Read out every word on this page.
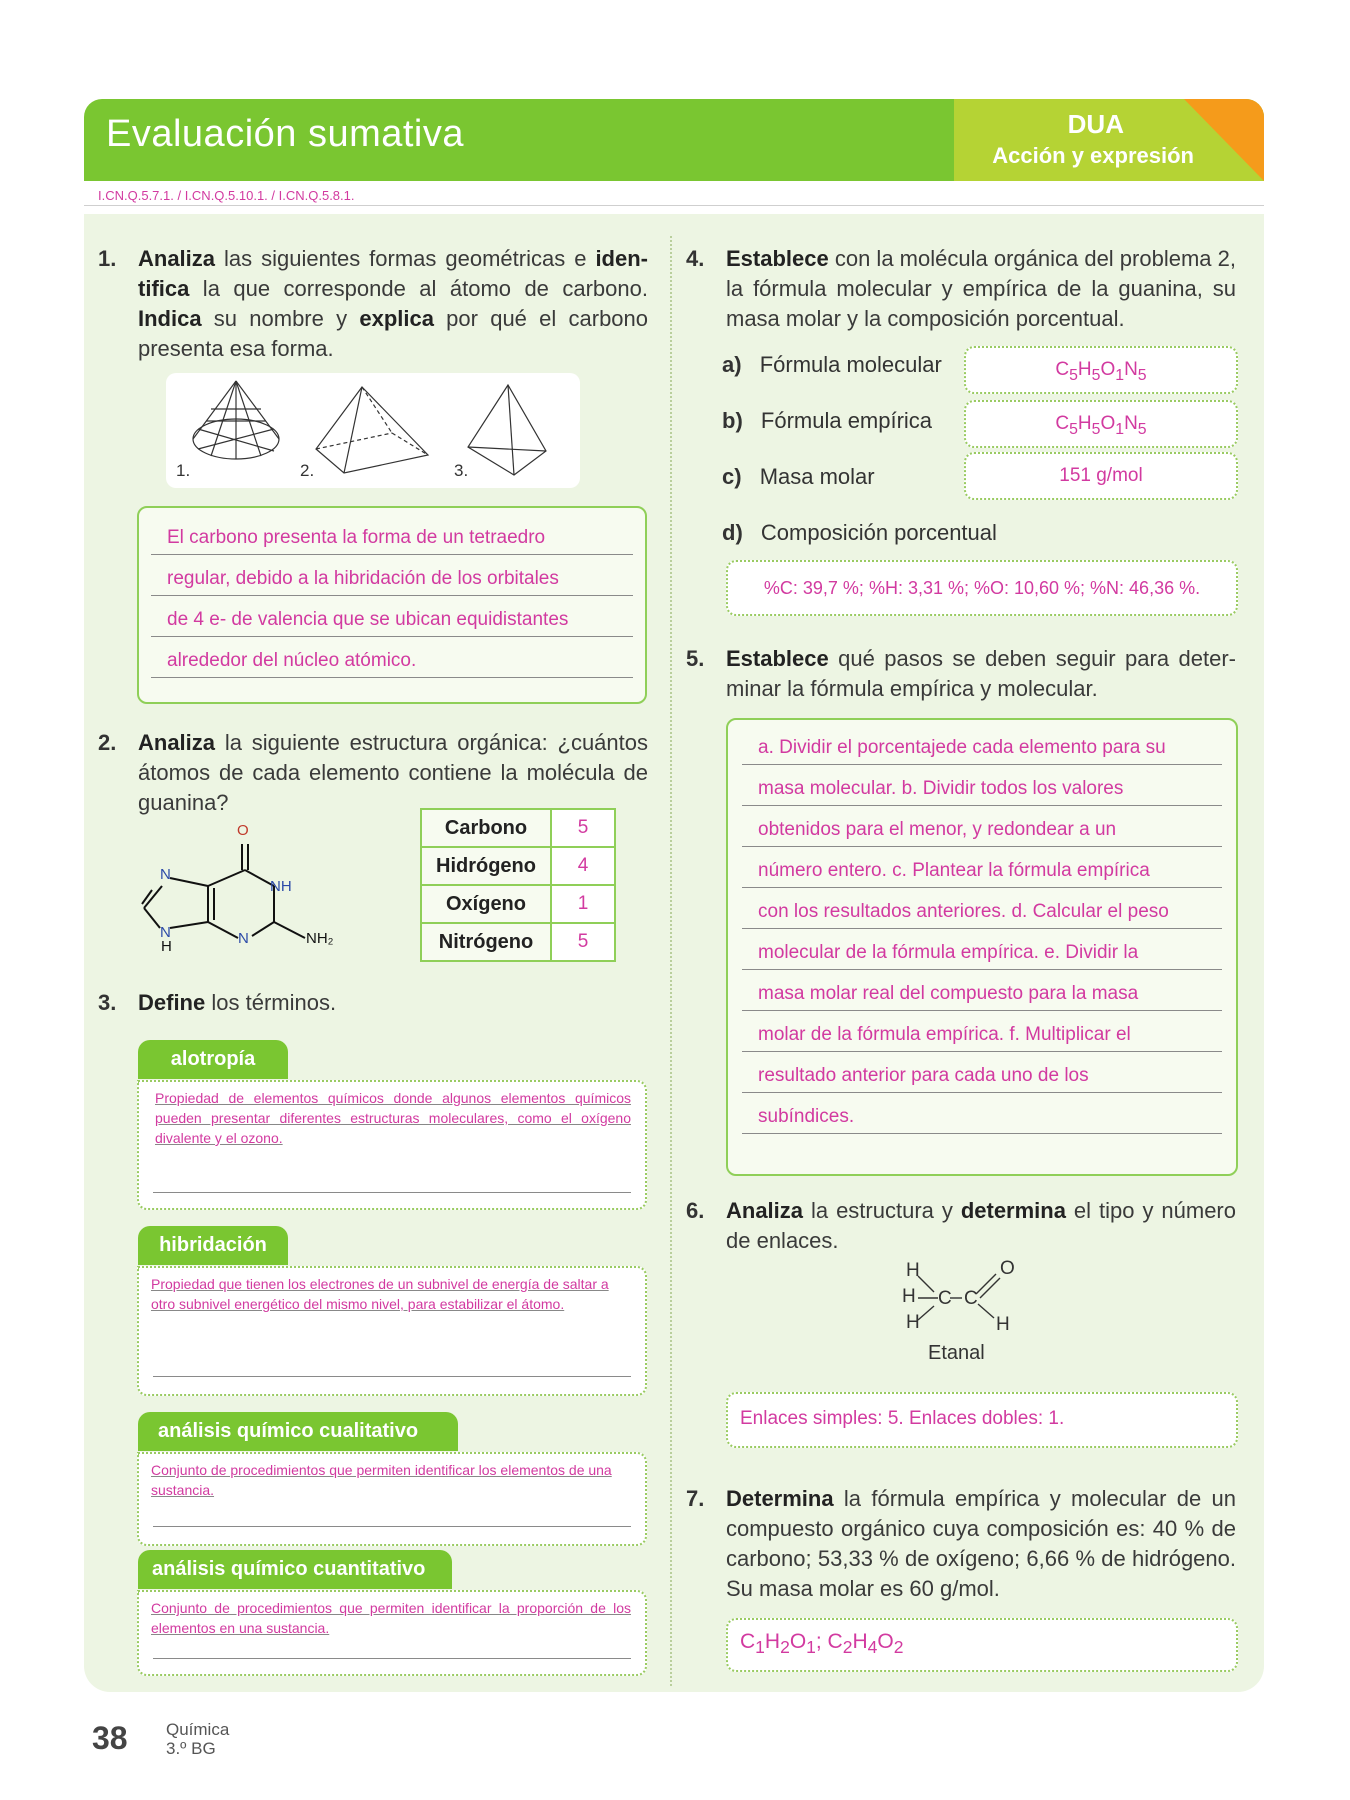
Evaluación sumativa	DUA
Acción y expresión
I.CN.Q.5.7.1. / I.CN.Q.5.10.1. / I.CN.Q.5.8.1.
1. Analiza las siguientes formas geométricas e identifica la que corresponde al átomo de carbono. Indica su nombre y explica por qué el carbono presenta esa forma.
1.	2.	3.
El carbono presenta la forma de un tetraedro
regular, debido a la hibridación de los orbitales
de 4 e- de valencia que se ubican equidistantes
alrededor del núcleo atómico.
2. Analiza la siguiente estructura orgánica: ¿cuántos átomos de cada elemento contiene la molécula de guanina?
O
N
NH
N
H	N	NH₂
Carbono	5
Hidrógeno	4
Oxígeno	1
Nitrógeno	5
3. Define los términos.
alotropía
Propiedad de elementos químicos donde algunos elementos químicos pueden presentar diferentes estructuras moleculares, como el oxígeno divalente y el ozono.
hibridación
Propiedad que tienen los electrones de un subnivel de energía de saltar a otro subnivel energético del mismo nivel, para estabilizar el átomo.
análisis químico cualitativo
Conjunto de procedimientos que permiten identificar los elementos de una sustancia.
análisis químico cuantitativo
Conjunto de procedimientos que permiten identificar la proporción de los elementos en una sustancia.
4. Establece con la molécula orgánica del problema 2, la fórmula molecular y empírica de la guanina, su masa molar y la composición porcentual.
a) Fórmula molecular	$C_5H_5O_1N_5$
b) Fórmula empírica	$C_5H_5O_1N_5$
c) Masa molar	151 g/mol
d) Composición porcentual
%C: 39,7 %; %H: 3,31 %; %O: 10,60 %; %N: 46,36 %.
5. Establece qué pasos se deben seguir para determinar la fórmula empírica y molecular.
a. Dividir el porcentajede cada elemento para su
masa molecular. b. Dividir todos los valores
obtenidos para el menor, y redondear a un
número entero. c. Plantear la fórmula empírica
con los resultados anteriores. d. Calcular el peso
molecular de la fórmula empírica. e. Dividir la
masa molar real del compuesto para la masa
molar de la fórmula empírica. f. Multiplicar el
resultado anterior para cada uno de los
subíndices.
6. Analiza la estructura y determina el tipo y número de enlaces.
H
H
H
C C
O
H
Etanal
Enlaces simples: 5. Enlaces dobles: 1.
7. Determina la fórmula empírica y molecular de un compuesto orgánico cuya composición es: 40 % de carbono; 53,33 % de oxígeno; 6,66 % de hidrógeno. Su masa molar es 60 g/mol.
$C_1H_2O_1$; $C_2H_4O_2$
38 Química
3.º BG
